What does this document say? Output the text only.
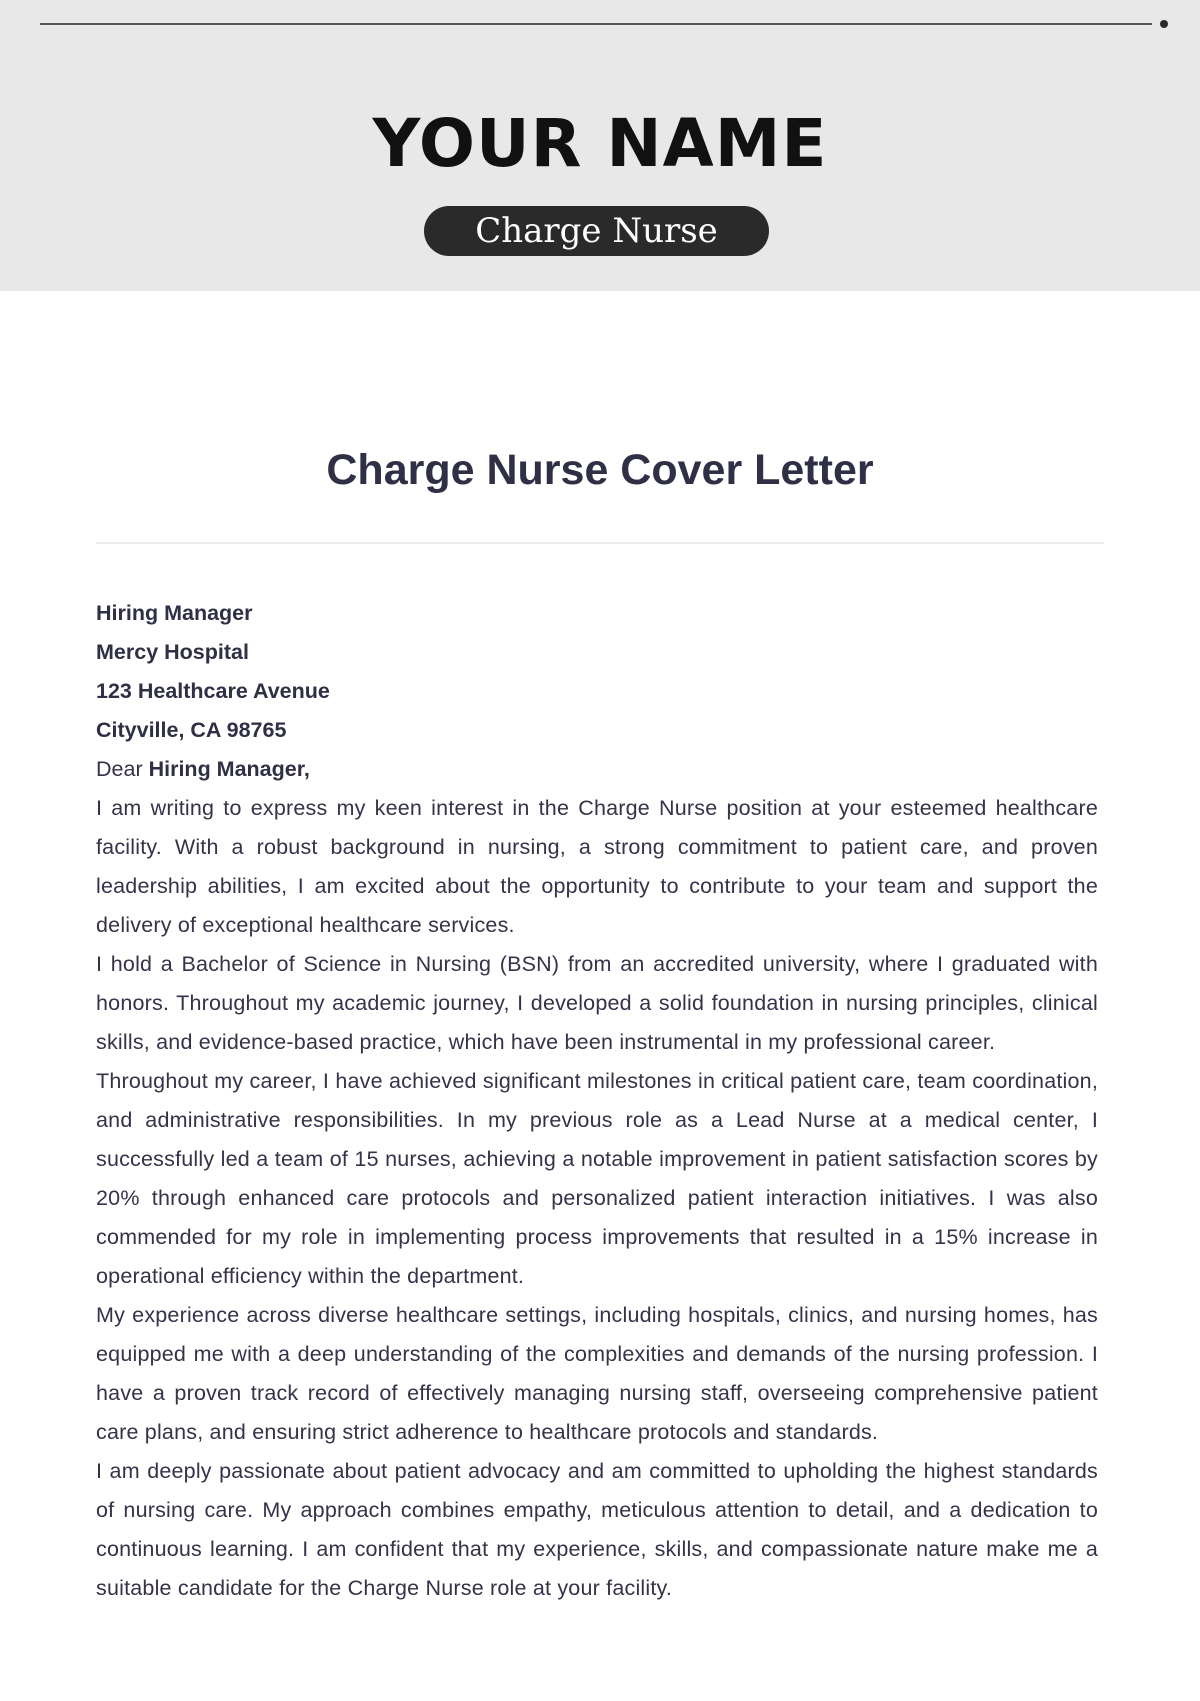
YOUR NAME
Charge Nurse
Charge Nurse Cover Letter
Hiring Manager
Mercy Hospital
123 Healthcare Avenue
Cityville, CA 98765
Dear Hiring Manager,

I am writing to express my keen interest in the Charge Nurse position at your esteemed healthcare facility. With a robust background in nursing, a strong commitment to patient care, and proven leadership abilities, I am excited about the opportunity to contribute to your team and support the delivery of exceptional healthcare services.

I hold a Bachelor of Science in Nursing (BSN) from an accredited university, where I graduated with honors. Throughout my academic journey, I developed a solid foundation in nursing principles, clinical skills, and evidence-based practice, which have been instrumental in my professional career.

Throughout my career, I have achieved significant milestones in critical patient care, team coordination, and administrative responsibilities. In my previous role as a Lead Nurse at a medical center, I successfully led a team of 15 nurses, achieving a notable improvement in patient satisfaction scores by 20% through enhanced care protocols and personalized patient interaction initiatives. I was also commended for my role in implementing process improvements that resulted in a 15% increase in operational efficiency within the department.

My experience across diverse healthcare settings, including hospitals, clinics, and nursing homes, has equipped me with a deep understanding of the complexities and demands of the nursing profession. I have a proven track record of effectively managing nursing staff, overseeing comprehensive patient care plans, and ensuring strict adherence to healthcare protocols and standards.

I am deeply passionate about patient advocacy and am committed to upholding the highest standards of nursing care. My approach combines empathy, meticulous attention to detail, and a dedication to continuous learning. I am confident that my experience, skills, and compassionate nature make me a suitable candidate for the Charge Nurse role at your facility.
